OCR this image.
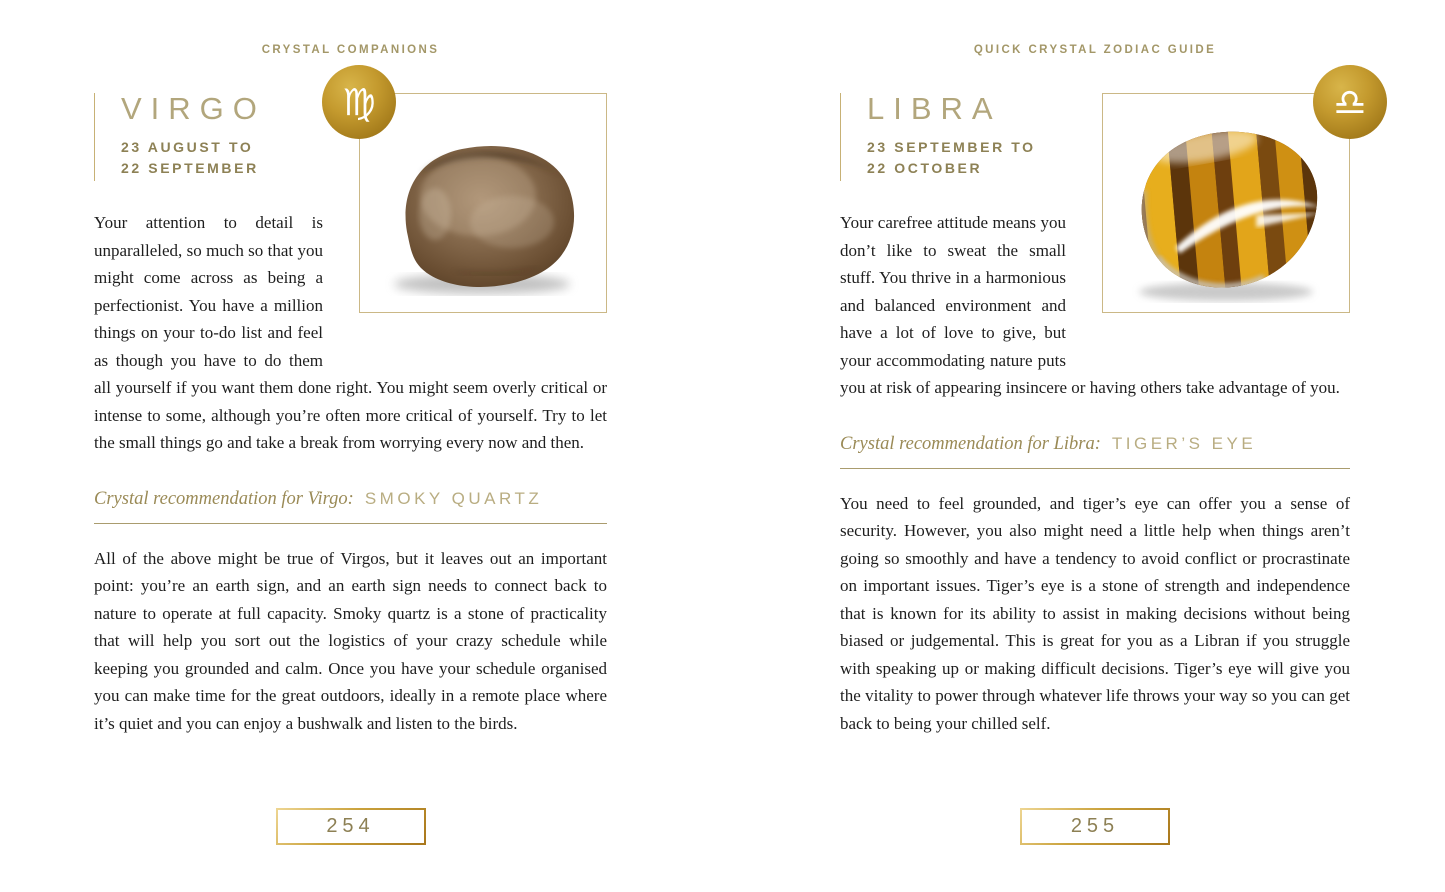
CRYSTAL COMPANIONS
♍
VIRGO
23 AUGUST TO
22 SEPTEMBER

Your attention to detail is unparalleled, so much so that you might come across as being a perfectionist. You have a million things on your to-do list and feel as though you have to do them all yourself if you want them done right. You might seem overly critical or intense to some, although you’re often more critical of yourself. Try to let the small things go and take a break from worrying every now and then.

Crystal recommendation for Virgo: SMOKY QUARTZ

All of the above might be true of Virgos, but it leaves out an important point: you’re an earth sign, and an earth sign needs to connect back to nature to operate at full capacity. Smoky quartz is a stone of practicality that will help you sort out the logistics of your crazy schedule while keeping you grounded and calm. Once you have your schedule organised you can make time for the great outdoors, ideally in a remote place where it’s quiet and you can enjoy a bushwalk and listen to the birds.

254
QUICK CRYSTAL ZODIAC GUIDE
♎
LIBRA
23 SEPTEMBER TO
22 OCTOBER

Your carefree attitude means you don’t like to sweat the small stuff. You thrive in a harmonious and balanced environment and have a lot of love to give, but your accommodating nature puts you at risk of appearing insincere or having others take advantage of you.

Crystal recommendation for Libra: TIGER’S EYE

You need to feel grounded, and tiger’s eye can offer you a sense of security. However, you also might need a little help when things aren’t going so smoothly and have a tendency to avoid conflict or procrastinate on important issues. Tiger’s eye is a stone of strength and independence that is known for its ability to assist in making decisions without being biased or judgemental. This is great for you as a Libran if you struggle with speaking up or making difficult decisions. Tiger’s eye will give you the vitality to power through whatever life throws your way so you can get back to being your chilled self.

255
